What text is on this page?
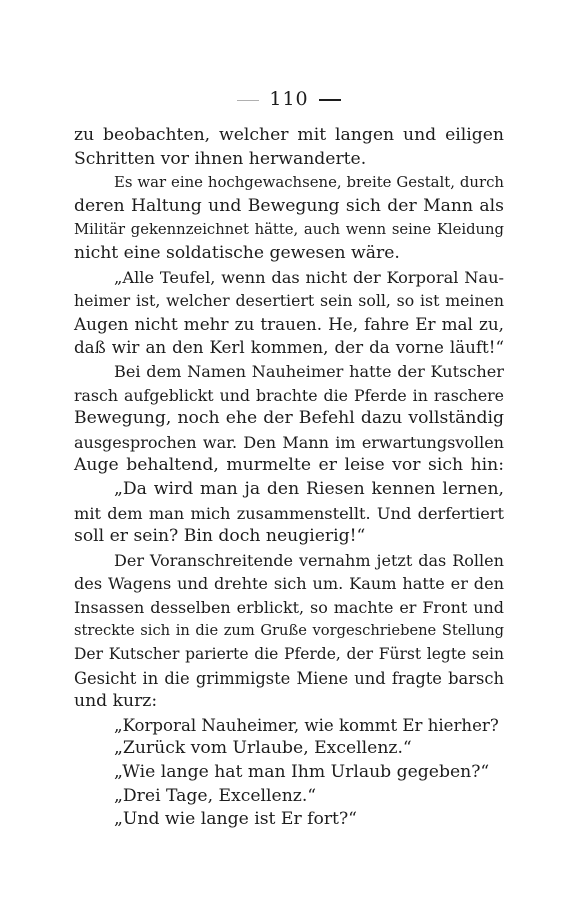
110
zu beobachten, welcher mit langen und eiligen
Schritten vor ihnen herwanderte.
Es war eine hochgewachsene, breite Gestalt, durch
deren Haltung und Bewegung sich der Mann als
Militär gekennzeichnet hätte, auch wenn seine Kleidung
nicht eine soldatische gewesen wäre.
„Alle Teufel, wenn das nicht der Korporal Nau-
heimer ist, welcher desertiert sein soll, so ist meinen
Augen nicht mehr zu trauen. He, fahre Er mal zu,
daß wir an den Kerl kommen, der da vorne läuft!“
Bei dem Namen Nauheimer hatte der Kutscher
rasch aufgeblickt und brachte die Pferde in raschere
Bewegung, noch ehe der Befehl dazu vollständig
ausgesprochen war. Den Mann im erwartungsvollen
Auge behaltend, murmelte er leise vor sich hin:
„Da wird man ja den Riesen kennen lernen,
mit dem man mich zusammenstellt. Und derfertiert
soll er sein? Bin doch neugierig!“
Der Voranschreitende vernahm jetzt das Rollen
des Wagens und drehte sich um. Kaum hatte er den
Insassen desselben erblickt, so machte er Front und
streckte sich in die zum Gruße vorgeschriebene Stellung
Der Kutscher parierte die Pferde, der Fürst legte sein
Gesicht in die grimmigste Miene und fragte barsch
und kurz:
„Korporal Nauheimer, wie kommt Er hierher?
„Zurück vom Urlaube, Excellenz.“
„Wie lange hat man Ihm Urlaub gegeben?“
„Drei Tage, Excellenz.“
„Und wie lange ist Er fort?“
